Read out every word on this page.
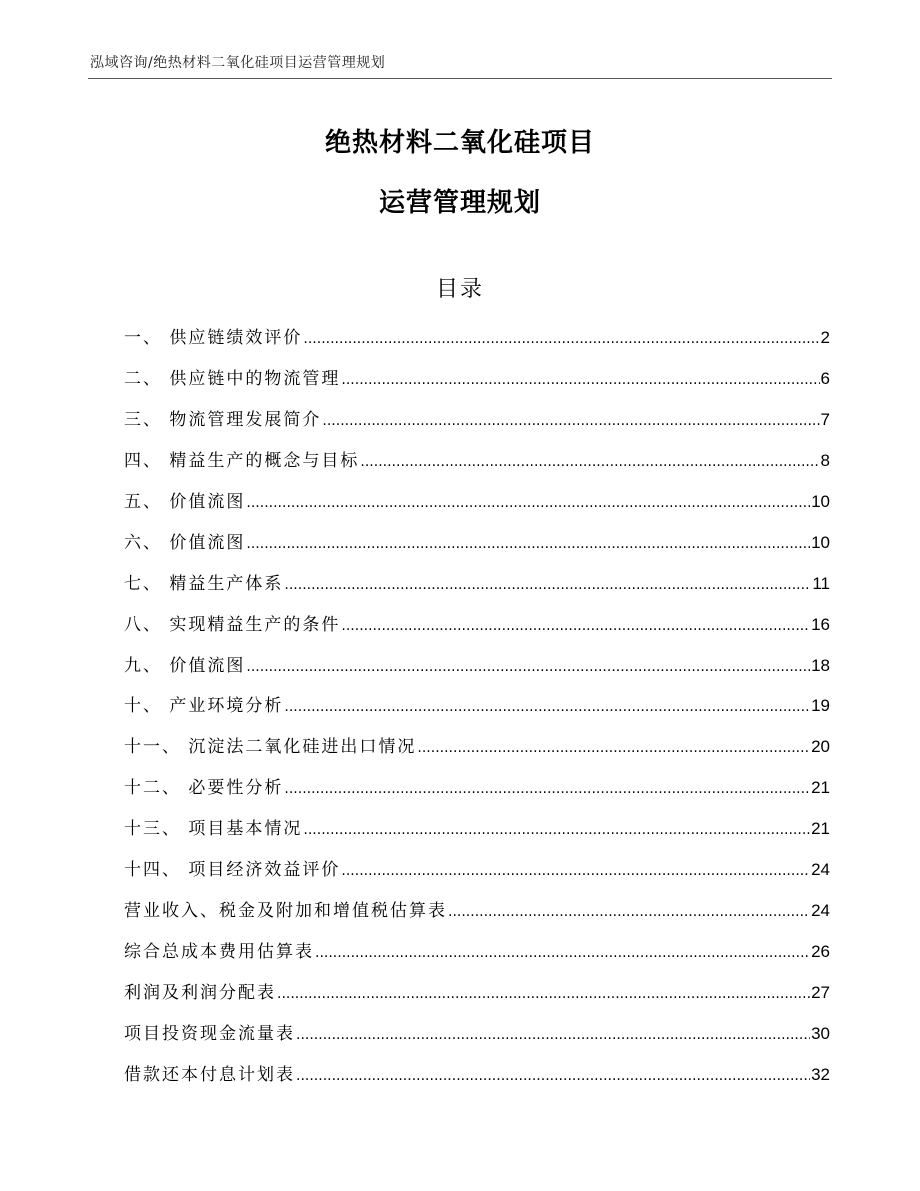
泓域咨询/绝热材料二氧化硅项目运营管理规划
绝热材料二氧化硅项目
运营管理规划
目录
一、 供应链绩效评价 .....	2
二、 供应链中的物流管理 .....	6
三、 物流管理发展简介 .....	7
四、 精益生产的概念与目标 .....	8
五、 价值流图 .....	10
六、 价值流图 .....	10
七、 精益生产体系 .....	11
八、 实现精益生产的条件 .....	16
九、 价值流图 .....	18
十、 产业环境分析 .....	19
十一、 沉淀法二氧化硅进出口情况 .....	20
十二、 必要性分析 .....	21
十三、 项目基本情况 .....	21
十四、 项目经济效益评价 .....	24
营业收入、税金及附加和增值税估算表 .....	24
综合总成本费用估算表 .....	26
利润及利润分配表 .....	27
项目投资现金流量表 .....	30
借款还本付息计划表 .....	32
